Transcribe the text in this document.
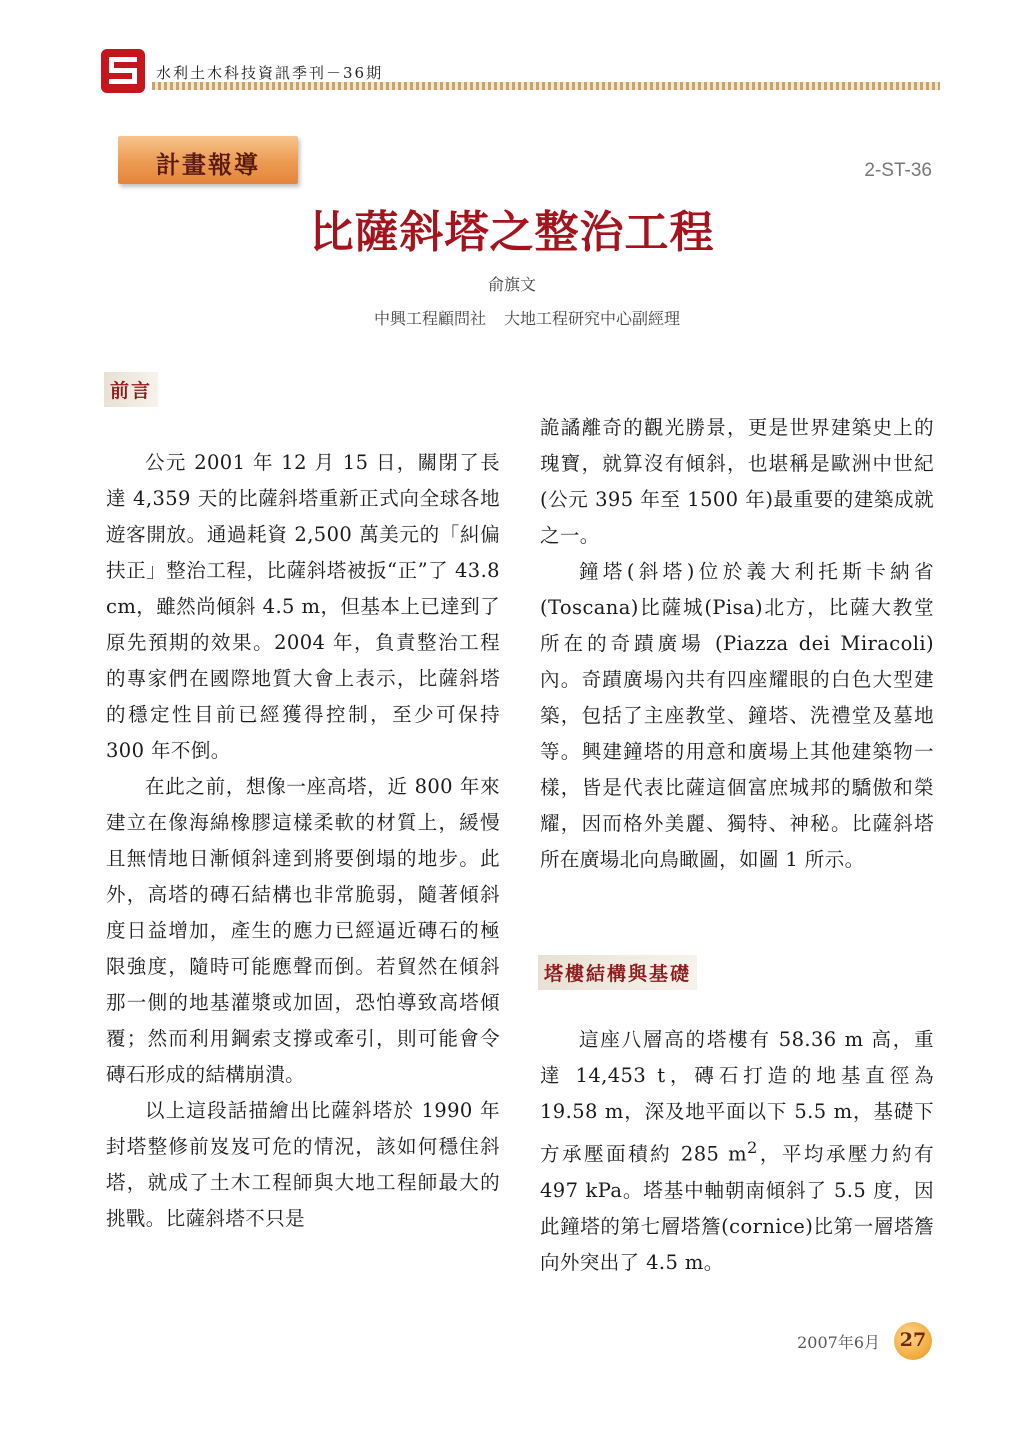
水利土木科技資訊季刊－36期
計畫報導	2-ST-36
比薩斜塔之整治工程
俞旗文
中興工程顧問社 大地工程研究中心副經理
前言

公元 2001 年 12 月 15 日，關閉了長達 4,359 天的比薩斜塔重新正式向全球各地遊客開放。通過耗資 2,500 萬美元的「糾偏扶正」整治工程，比薩斜塔被扳“正”了 43.8 cm，雖然尚傾斜 4.5 m，但基本上已達到了原先預期的效果。2004 年，負責整治工程的專家們在國際地質大會上表示，比薩斜塔的穩定性目前已經獲得控制，至少可保持 300 年不倒。

在此之前，想像一座高塔，近 800 年來建立在像海綿橡膠這樣柔軟的材質上，緩慢且無情地日漸傾斜達到將要倒塌的地步。此外，高塔的磚石結構也非常脆弱，隨著傾斜度日益增加，產生的應力已經逼近磚石的極限強度，隨時可能應聲而倒。若貿然在傾斜那一側的地基灌漿或加固，恐怕導致高塔傾覆；然而利用鋼索支撐或牽引，則可能會令磚石形成的結構崩潰。

以上這段話描繪出比薩斜塔於 1990 年封塔整修前岌岌可危的情況，該如何穩住斜塔，就成了土木工程師與大地工程師最大的挑戰。比薩斜塔不只是

詭譎離奇的觀光勝景，更是世界建築史上的瑰寶，就算沒有傾斜，也堪稱是歐洲中世紀(公元 395 年至 1500 年)最重要的建築成就之一。

鐘塔(斜塔)位於義大利托斯卡納省(Toscana)比薩城(Pisa)北方，比薩大教堂所在的奇蹟廣場 (Piazza dei Miracoli)內。奇蹟廣場內共有四座耀眼的白色大型建築，包括了主座教堂、鐘塔、洗禮堂及墓地等。興建鐘塔的用意和廣場上其他建築物一樣，皆是代表比薩這個富庶城邦的驕傲和榮耀，因而格外美麗、獨特、神秘。比薩斜塔所在廣場北向鳥瞰圖，如圖 1 所示。

塔樓結構與基礎

這座八層高的塔樓有 58.36 m 高，重達 14,453 t，磚石打造的地基直徑為 19.58 m，深及地平面以下 5.5 m，基礎下方承壓面積約 285 $m^2$，平均承壓力約有 497 kPa。塔基中軸朝南傾斜了 5.5 度，因此鐘塔的第七層塔簷(cornice)比第一層塔簷向外突出了 4.5 m。

2007年6月	27
